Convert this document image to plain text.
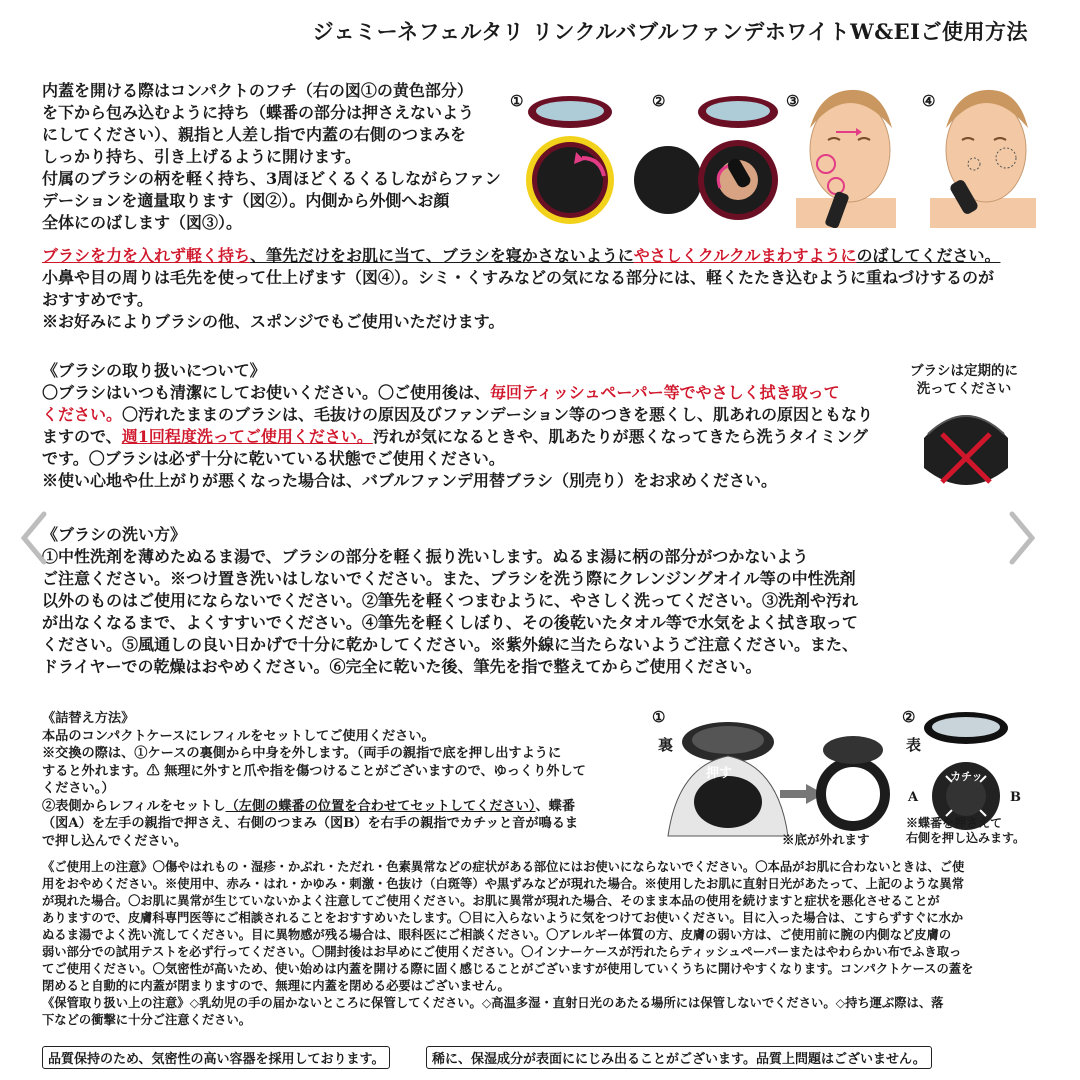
ジェミーネフェルタリ リンクルバブルファンデホワイトW&EIご使用方法

内蓋を開ける際はコンパクトのフチ（右の図①の黄色部分）

を下から包み込むように持ち（蝶番の部分は押さえないよう

にしてください）、親指と人差し指で内蓋の右側のつまみを

しっかり持ち、引き上げるように開けます。

付属のブラシの柄を軽く持ち、3周ほどくるくるしながらファン

デーションを適量取ります（図②）。内側から外側へお顔

全体にのばします（図③）。

①	②	③	④

ブラシを力を入れず軽く持ち、筆先だけをお肌に当て、ブラシを寝かさないようにやさしくクルクルまわすようにのばしてください。

小鼻や目の周りは毛先を使って仕上げます（図④）。シミ・くすみなどの気になる部分には、軽くたたき込むように重ねづけするのが

おすすめです。

※お好みによりブラシの他、スポンジでもご使用いただけます。

《ブラシの取り扱いについて》

〇ブラシはいつも清潔にしてお使いください。〇ご使用後は、毎回ティッシュペーパー等でやさしく拭き取って

ください。〇汚れたままのブラシは、毛抜けの原因及びファンデーション等のつきを悪くし、肌あれの原因ともなり

ますので、週1回程度洗ってご使用ください。汚れが気になるときや、肌あたりが悪くなってきたら洗うタイミング

です。〇ブラシは必ず十分に乾いている状態でご使用ください。

※使い心地や仕上がりが悪くなった場合は、バブルファンデ用替ブラシ（別売り）をお求めください。

ブラシは定期的に
洗ってください

《ブラシの洗い方》

①中性洗剤を薄めたぬるま湯で、ブラシの部分を軽く振り洗いします。ぬるま湯に柄の部分がつかないよう

ご注意ください。※つけ置き洗いはしないでください。また、ブラシを洗う際にクレンジングオイル等の中性洗剤

以外のものはご使用にならないでください。②筆先を軽くつまむように、やさしく洗ってください。③洗剤や汚れ

が出なくなるまで、よくすすいでください。④筆先を軽くしぼり、その後乾いたタオル等で水気をよく拭き取って

ください。⑤風通しの良い日かげで十分に乾かしてください。※紫外線に当たらないようご注意ください。また、

ドライヤーでの乾燥はおやめください。⑥完全に乾いた後、筆先を指で整えてからご使用ください。

《詰替え方法》

本品のコンパクトケースにレフィルをセットしてご使用ください。

※交換の際は、①ケースの裏側から中身を外します。（両手の親指で底を押し出すように

すると外れます。⚠ 無理に外すと爪や指を傷つけることがございますので、ゆっくり外して

ください。）

②表側からレフィルをセットし（左側の蝶番の位置を合わせてセットしてください）、蝶番

（図A）を左手の親指で押さえ、右側のつまみ（図B）を右手の親指でカチッと音が鳴るま

で押し込んでください。

①
裏
押す
※底が外れます
②
表
カチッ
A	B
※蝶番を押さえて
右側を押し込みます。

《ご使用上の注意》〇傷やはれもの・湿疹・かぶれ・ただれ・色素異常などの症状がある部位にはお使いにならないでください。〇本品がお肌に合わないときは、ご使

用をおやめください。※使用中、赤み・はれ・かゆみ・刺激・色抜け（白斑等）や黒ずみなどが現れた場合。※使用したお肌に直射日光があたって、上記のような異常

が現れた場合。〇お肌に異常が生じていないかよく注意してご使用ください。お肌に異常が現れた場合、そのまま本品の使用を続けますと症状を悪化させることが

ありますので、皮膚科専門医等にご相談されることをおすすめいたします。〇目に入らないように気をつけてお使いください。目に入った場合は、こすらずすぐに水か

ぬるま湯でよく洗い流してください。目に異物感が残る場合は、眼科医にご相談ください。〇アレルギー体質の方、皮膚の弱い方は、ご使用前に腕の内側など皮膚の

弱い部分での試用テストを必ず行ってください。〇開封後はお早めにご使用ください。〇インナーケースが汚れたらティッシュペーパーまたはやわらかい布でふき取っ

てご使用ください。〇気密性が高いため、使い始めは内蓋を開ける際に固く感じることがございますが使用していくうちに開けやすくなります。コンパクトケースの蓋を

閉めると自動的に内蓋が閉まりますので、無理に内蓋を閉める必要はございません。

《保管取り扱い上の注意》◇乳幼児の手の届かないところに保管してください。◇高温多湿・直射日光のあたる場所には保管しないでください。◇持ち運ぶ際は、落

下などの衝撃に十分ご注意ください。

品質保持のため、気密性の高い容器を採用しております。	稀に、保湿成分が表面ににじみ出ることがございます。品質上問題はございません。
